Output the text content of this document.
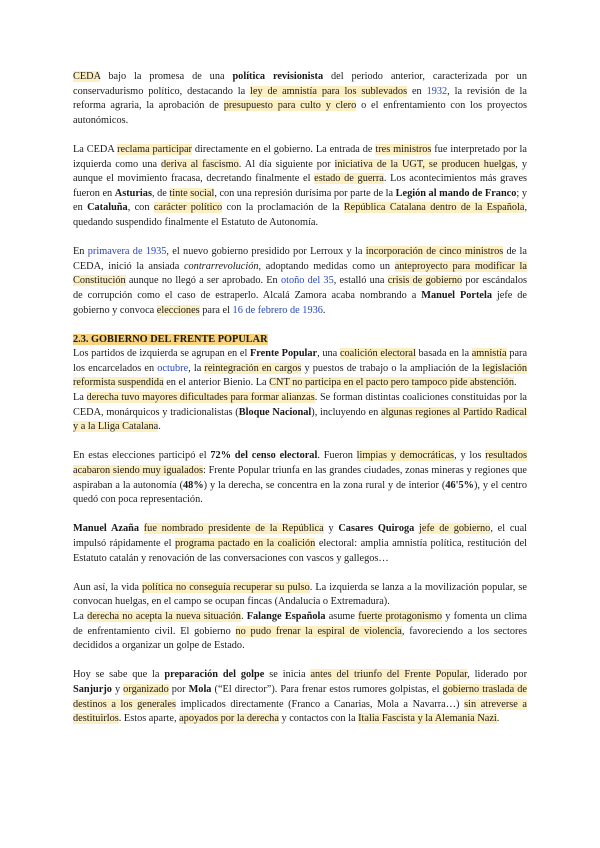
CEDA bajo la promesa de una política revisionista del periodo anterior, caracterizada por un conservadurismo político, destacando la ley de amnistía para los sublevados en 1932, la revisión de la reforma agraria, la aprobación de presupuesto para culto y clero o el enfrentamiento con los proyectos autonómicos.

La CEDA reclama participar directamente en el gobierno. La entrada de tres ministros fue interpretado por la izquierda como una deriva al fascismo. Al día siguiente por iniciativa de la UGT, se producen huelgas, y aunque el movimiento fracasa, decretando finalmente el estado de guerra. Los acontecimientos más graves fueron en Asturias, de tinte social, con una represión durísima por parte de la Legión al mando de Franco; y en Cataluña, con carácter político con la proclamación de la República Catalana dentro de la Española, quedando suspendido finalmente el Estatuto de Autonomía.

En primavera de 1935, el nuevo gobierno presidido por Lerroux y la incorporación de cinco ministros de la CEDA, inició la ansiada contrarrevolución, adoptando medidas como un anteproyecto para modificar la Constitución aunque no llegó a ser aprobado. En otoño del 35, estalló una crisis de gobierno por escándalos de corrupción como el caso de estraperlo. Alcalá Zamora acaba nombrando a Manuel Portela jefe de gobierno y convoca elecciones para el 16 de febrero de 1936.

2.3. GOBIERNO DEL FRENTE POPULAR

Los partidos de izquierda se agrupan en el Frente Popular, una coalición electoral basada en la amnistía para los encarcelados en octubre, la reintegración en cargos y puestos de trabajo o la ampliación de la legislación reformista suspendida en el anterior Bienio. La CNT no participa en el pacto pero tampoco pide abstención.

La derecha tuvo mayores dificultades para formar alianzas. Se forman distintas coaliciones constituidas por la CEDA, monárquicos y tradicionalistas (Bloque Nacional), incluyendo en algunas regiones al Partido Radical y a la Lliga Catalana.

En estas elecciones participó el 72% del censo electoral. Fueron limpias y democráticas, y los resultados acabaron siendo muy igualados: Frente Popular triunfa en las grandes ciudades, zonas mineras y regiones que aspiraban a la autonomía (48%) y la derecha, se concentra en la zona rural y de interior (46'5%), y el centro quedó con poca representación.

Manuel Azaña fue nombrado presidente de la República y Casares Quiroga jefe de gobierno, el cual impulsó rápidamente el programa pactado en la coalición electoral: amplia amnistía política, restitución del Estatuto catalán y renovación de las conversaciones con vascos y gallegos…

Aun así, la vida política no conseguía recuperar su pulso. La izquierda se lanza a la movilización popular, se convocan huelgas, en el campo se ocupan fincas (Andalucía o Extremadura).

La derecha no acepta la nueva situación. Falange Española asume fuerte protagonismo y fomenta un clima de enfrentamiento civil. El gobierno no pudo frenar la espiral de violencia, favoreciendo a los sectores decididos a organizar un golpe de Estado.

Hoy se sabe que la preparación del golpe se inicia antes del triunfo del Frente Popular, liderado por Sanjurjo y organizado por Mola (“El director”). Para frenar estos rumores golpistas, el gobierno traslada de destinos a los generales implicados directamente (Franco a Canarias, Mola a Navarra…) sin atreverse a destituirlos. Estos aparte, apoyados por la derecha y contactos con la Italia Fascista y la Alemania Nazi.
